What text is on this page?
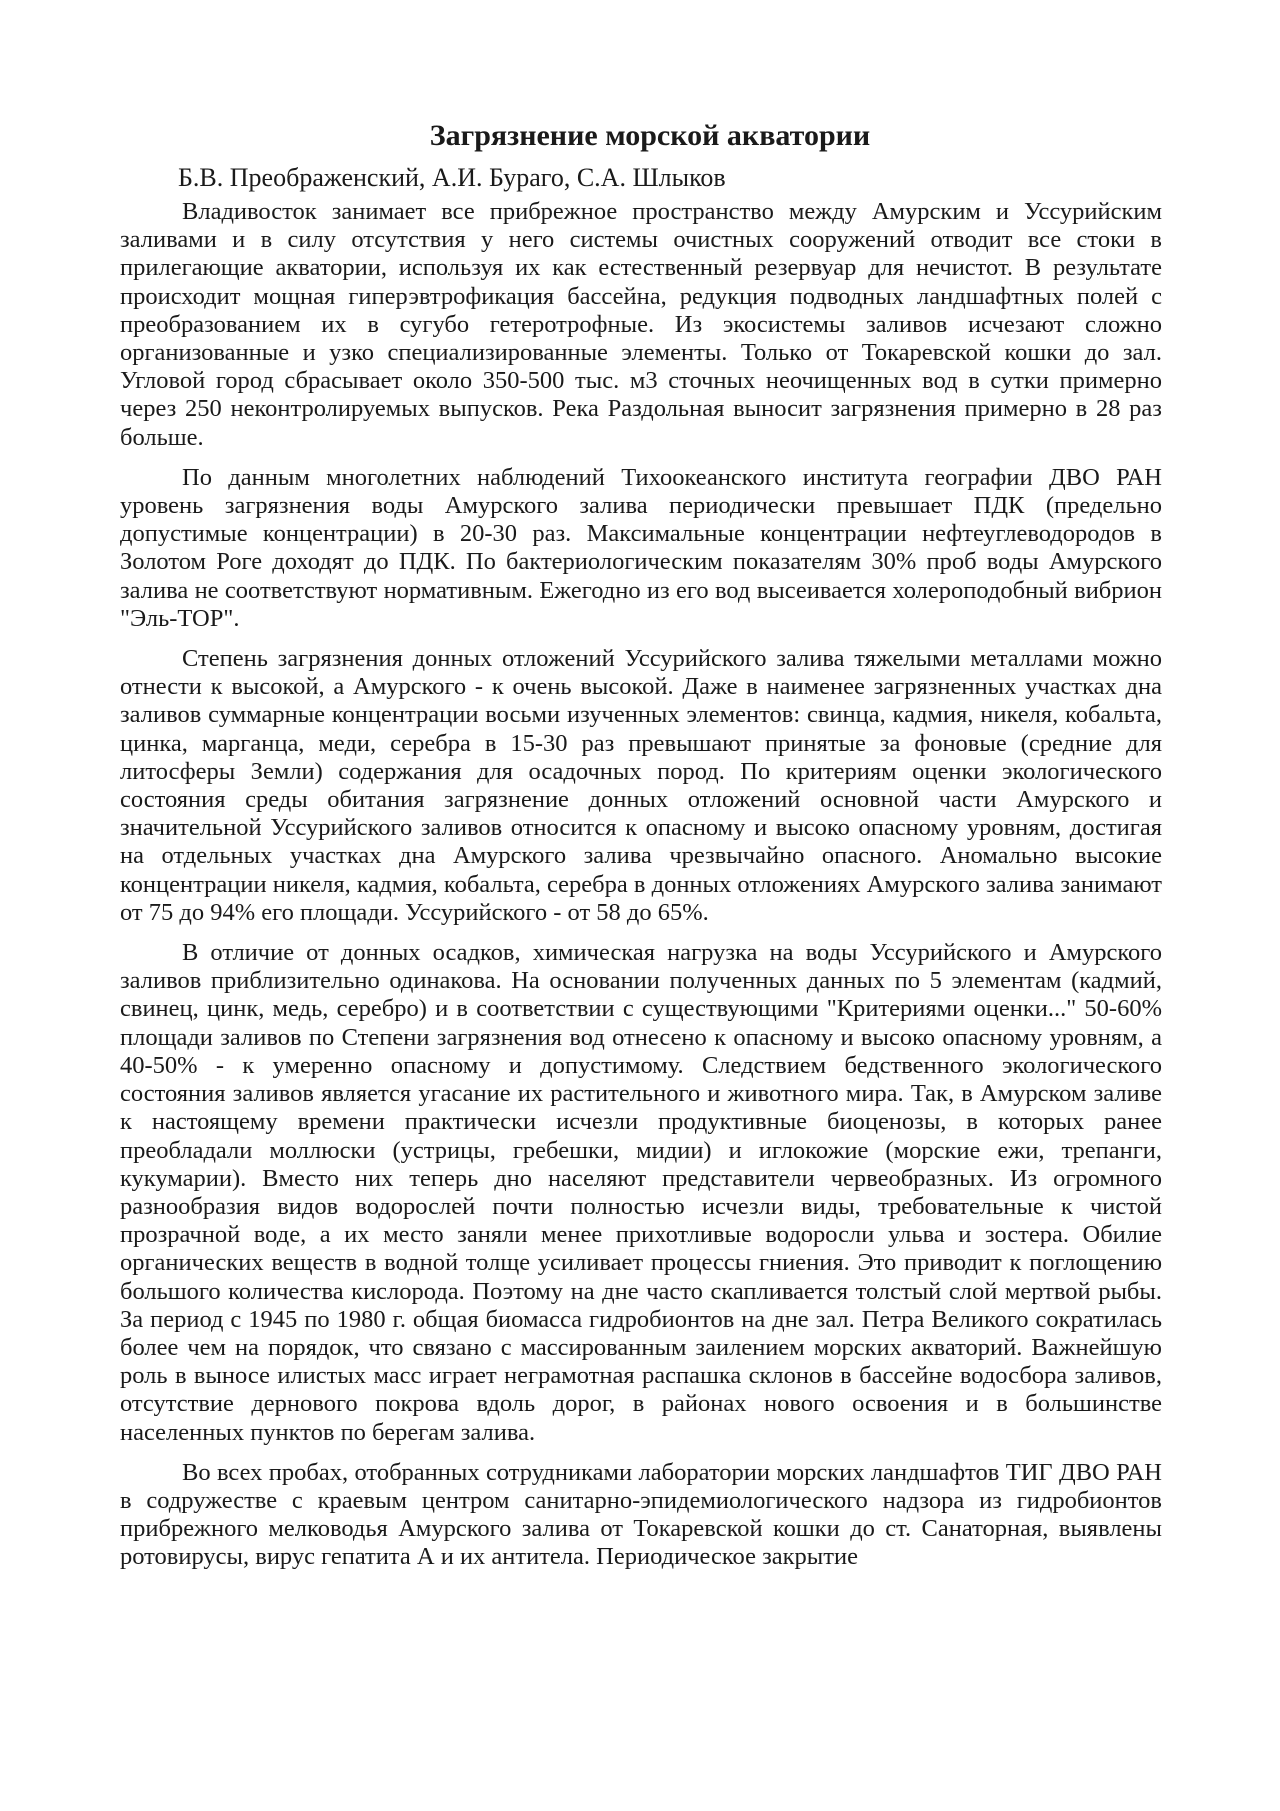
Загрязнение морской акватории
Б.В. Преображенский, А.И. Бураго, С.А. Шлыков

Владивосток занимает все прибрежное пространство между Амурским и Уссурийским заливами и в силу отсутствия у него системы очистных сооружений отводит все стоки в прилегающие акватории, используя их как естественный резервуар для нечистот. В результате происходит мощная гиперэвтрофикация бассейна, редукция подводных ландшафтных полей с преобразованием их в сугубо гетеротрофные. Из экосистемы заливов исчезают сложно организованные и узко специализированные элементы. Только от Токаревской кошки до зал. Угловой город сбрасывает около 350-500 тыс. м3 сточных неочищенных вод в сутки примерно через 250 неконтролируемых выпусков. Река Раздольная выносит загрязнения примерно в 28 раз больше.

По данным многолетних наблюдений Тихоокеанского института географии ДВО РАН уровень загрязнения воды Амурского залива периодически превышает ПДК (предельно допустимые концентрации) в 20-30 раз. Максимальные концентрации нефтеуглеводородов в Золотом Роге доходят до ПДК. По бактериологическим показателям 30% проб воды Амурского залива не соответствуют нормативным. Ежегодно из его вод высеивается холероподобный вибрион "Эль-ТОР".

Степень загрязнения донных отложений Уссурийского залива тяжелыми металлами можно отнести к высокой, а Амурского - к очень высокой. Даже в наименее загрязненных участках дна заливов суммарные концентрации восьми изученных элементов: свинца, кадмия, никеля, кобальта, цинка, марганца, меди, серебра в 15-30 раз превышают принятые за фоновые (средние для литосферы Земли) содержания для осадочных пород. По критериям оценки экологического состояния среды обитания загрязнение донных отложений основной части Амурского и значительной Уссурийского заливов относится к опасному и высоко опасному уровням, достигая на отдельных участках дна Амурского залива чрезвычайно опасного. Аномально высокие концентрации никеля, кадмия, кобальта, серебра в донных отложениях Амурского залива занимают от 75 до 94% его площади. Уссурийского - от 58 до 65%.

В отличие от донных осадков, химическая нагрузка на воды Уссурийского и Амурского заливов приблизительно одинакова. На основании полученных данных по 5 элементам (кадмий, свинец, цинк, медь, серебро) и в соответствии с существующими "Критериями оценки..." 50-60% площади заливов по Степени загрязнения вод отнесено к опасному и высоко опасному уровням, а 40-50% - к умеренно опасному и допустимому. Следствием бедственного экологического состояния заливов является угасание их растительного и животного мира. Так, в Амурском заливе к настоящему времени практически исчезли продуктивные биоценозы, в которых ранее преобладали моллюски (устрицы, гребешки, мидии) и иглокожие (морские ежи, трепанги, кукумарии). Вместо них теперь дно населяют представители червеобразных. Из огромного разнообразия видов водорослей почти полностью исчезли виды, требовательные к чистой прозрачной воде, а их место заняли менее прихотливые водоросли ульва и зостера. Обилие органических веществ в водной толще усиливает процессы гниения. Это приводит к поглощению большого количества кислорода. Поэтому на дне часто скапливается толстый слой мертвой рыбы. За период с 1945 по 1980 г. общая биомасса гидробионтов на дне зал. Петра Великого сократилась более чем на порядок, что связано с массированным заилением морских акваторий. Важнейшую роль в выносе илистых масс играет неграмотная распашка склонов в бассейне водосбора заливов, отсутствие дернового покрова вдоль дорог, в районах нового освоения и в большинстве населенных пунктов по берегам залива.

Во всех пробах, отобранных сотрудниками лаборатории морских ландшафтов ТИГ ДВО РАН в содружестве с краевым центром санитарно-эпидемиологического надзора из гидробионтов прибрежного мелководья Амурского залива от Токаревской кошки до ст. Санаторная, выявлены ротовирусы, вирус гепатита А и их антитела. Периодическое закрытие
